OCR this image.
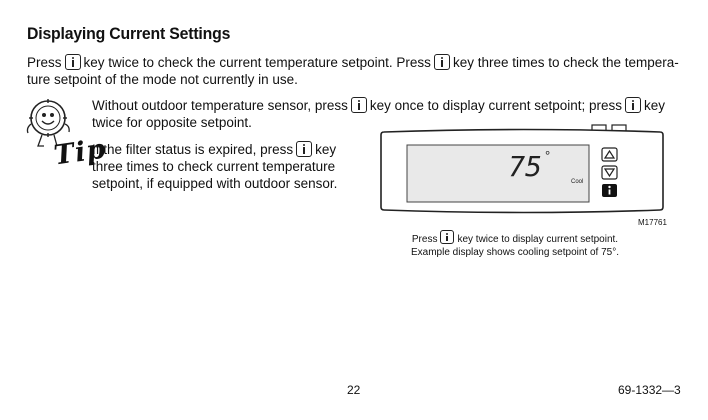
Displaying Current Settings
Press key twice to check the current temperature setpoint. Press key three times to check the tempera-
ture setpoint of the mode not currently in use.
Tip
Without outdoor temperature sensor, press key once to display current setpoint; press key
twice for opposite setpoint.
If the filter status is expired, press key
three times to check current temperature
setpoint, if equipped with outdoor sensor.
75 °
Cool
M17761
Press key twice to display current setpoint.
Example display shows cooling setpoint of 75°.
22	69-1332—3
